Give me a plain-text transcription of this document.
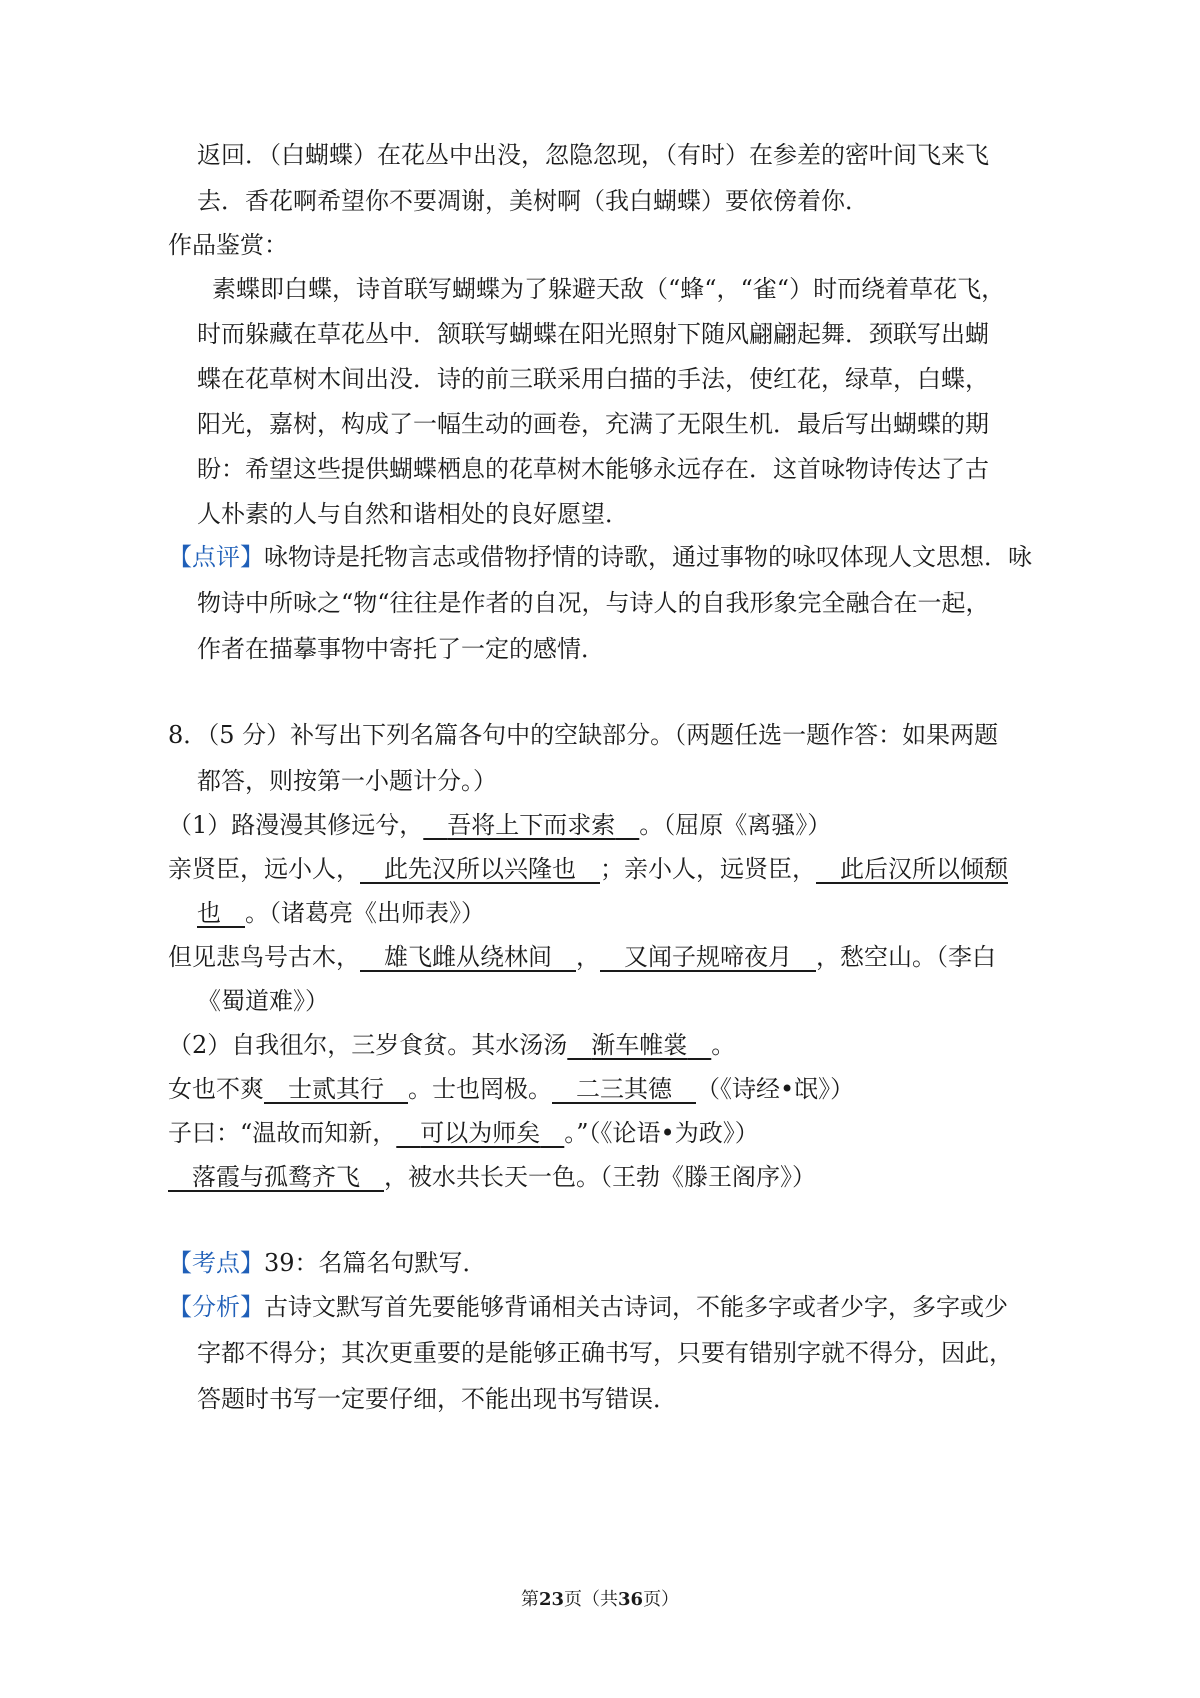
返回．（白蝴蝶）在花丛中出没，忽隐忽现，（有时）在参差的密叶间飞来飞
去．香花啊希望你不要凋谢，美树啊（我白蝴蝶）要依傍着你．
作品鉴赏：
素蝶即白蝶，诗首联写蝴蝶为了躲避天敌（“蜂“，“雀“）时而绕着草花飞，
时而躲藏在草花丛中．颔联写蝴蝶在阳光照射下随风翩翩起舞．颈联写出蝴
蝶在花草树木间出没．诗的前三联采用白描的手法，使红花，绿草，白蝶，
阳光，嘉树，构成了一幅生动的画卷，充满了无限生机．最后写出蝴蝶的期
盼：希望这些提供蝴蝶栖息的花草树木能够永远存在．这首咏物诗传达了古
人朴素的人与自然和谐相处的良好愿望．
【点评】咏物诗是托物言志或借物抒情的诗歌，通过事物的咏叹体现人文思想．咏
物诗中所咏之“物“往往是作者的自况，与诗人的自我形象完全融合在一起，
作者在描摹事物中寄托了一定的感情．
8．（5 分）补写出下列名篇各句中的空缺部分。（两题任选一题作答：如果两题
都答，则按第一小题计分。）
（1）路漫漫其修远兮，  吾将上下而求索  。（屈原《离骚》）
亲贤臣，远小人，  此先汉所以兴隆也  ；亲小人，远贤臣，  此后汉所以倾颓
也  。（诸葛亮《出师表》）
但见悲鸟号古木，  雄飞雌从绕林间  ，  又闻子规啼夜月  ，愁空山。（李白
《蜀道难》）
（2）自我徂尔，三岁食贫。其水汤汤  渐车帷裳  。
女也不爽  士贰其行  。士也罔极。  二三其德  （《诗经•氓》）
子曰：“温故而知新，  可以为师矣  。”（《论语•为政》）
 落霞与孤鹜齐飞  ，被水共长天一色。（王勃《滕王阁序》）
【考点】39：名篇名句默写．
【分析】古诗文默写首先要能够背诵相关古诗词，不能多字或者少字，多字或少
字都不得分；其次更重要的是能够正确书写，只要有错别字就不得分，因此，
答题时书写一定要仔细，不能出现书写错误．
第23页（共36页）
